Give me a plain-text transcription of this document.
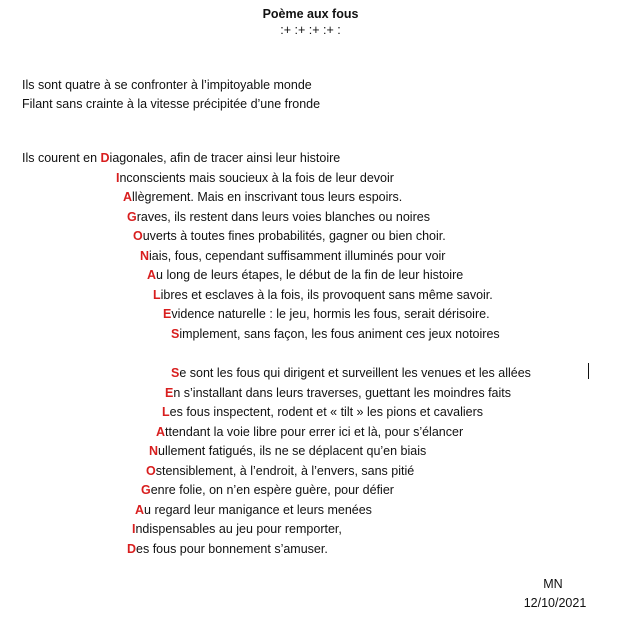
Poème aux fous
:+ :+ :+ :+ :
Ils sont quatre à se confronter à l’impitoyable monde
Filant sans crainte à la vitesse précipitée d’une fronde
Ils courent en Diagonales, afin de tracer ainsi leur histoire
Inconscients mais soucieux à la fois de leur devoir
Allègrement. Mais en inscrivant tous leurs espoirs.
Graves, ils restent dans leurs voies blanches ou noires
Ouverts à toutes fines probabilités, gagner ou bien choir.
Niais, fous, cependant suffisamment illuminés pour voir
Au long de leurs étapes, le début de la fin de leur histoire
Libres et esclaves à la fois, ils provoquent sans même savoir.
Evidence naturelle : le jeu, hormis les fous, serait dérisoire.
Simplement, sans façon, les fous animent ces jeux notoires
Se sont les fous qui dirigent et surveillent les venues et les allées
En s’installant dans leurs traverses, guettant les moindres faits
Les fous inspectent, rodent et « tilt » les pions et cavaliers
Attendant la voie libre pour errer ici et là, pour s’élancer
Nullement fatigués, ils ne se déplacent qu’en biais
Ostensiblement, à l’endroit, à l’envers, sans pitié
Genre folie, on n’en espère guère, pour défier
Au regard leur manigance et leurs menées
Indispensables au jeu pour remporter,
Des fous pour bonnement s’amuser.
MN
12/10/2021
